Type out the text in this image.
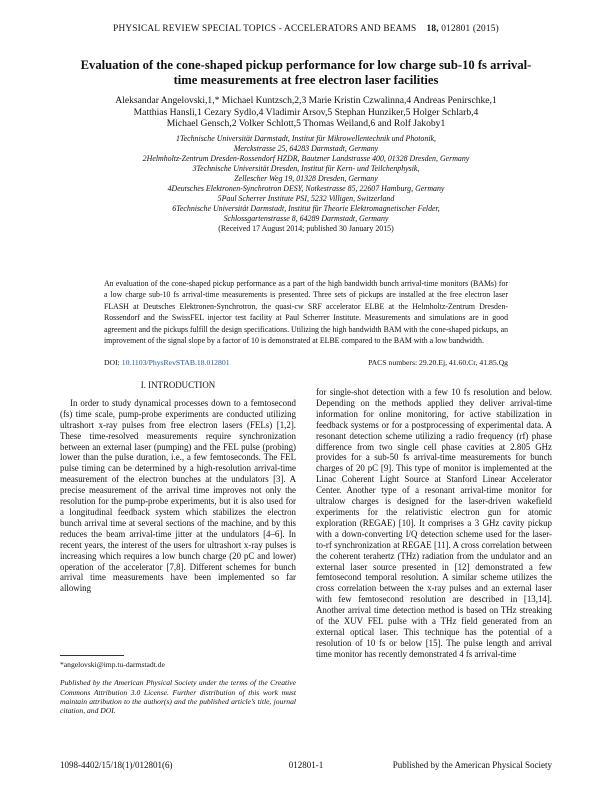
PHYSICAL REVIEW SPECIAL TOPICS - ACCELERATORS AND BEAMS 18, 012801 (2015)
Evaluation of the cone-shaped pickup performance for low charge sub-10 fs arrival-time measurements at free electron laser facilities
Aleksandar Angelovski,1,* Michael Kuntzsch,2,3 Marie Kristin Czwalinna,4 Andreas Penirschke,1
Matthias Hansli,1 Cezary Sydlo,4 Vladimir Arsov,5 Stephan Hunziker,5 Holger Schlarb,4
Michael Gensch,2 Volker Schlott,5 Thomas Weiland,6 and Rolf Jakoby1
1Technische Universität Darmstadt, Institut für Mikrowellentechnik und Photonik,
Merckstrasse 25, 64283 Darmstadt, Germany
2Helmholtz-Zentrum Dresden-Rossendorf HZDR, Bautzner Landstrasse 400, 01328 Dresden, Germany
3Technische Universität Dresden, Institut für Kern- und Teilchenphysik,
Zellescher Weg 19, 01328 Dresden, Germany
4Deutsches Elektronen-Synchrotron DESY, Notkestrasse 85, 22607 Hamburg, Germany
5Paul Scherrer Institute PSI, 5232 Villigen, Switzerland
6Technische Universität Darmstadt, Institut für Theorie Elektromagnetischer Felder,
Schlossgartenstrasse 8, 64289 Darmstadt, Germany
(Received 17 August 2014; published 30 January 2015)
An evaluation of the cone-shaped pickup performance as a part of the high bandwidth bunch arrival-time monitors (BAMs) for a low charge sub-10 fs arrival-time measurements is presented. Three sets of pickups are installed at the free electron laser FLASH at Deutsches Elektronen-Synchrotron, the quasi-cw SRF accelerator ELBE at the Helmholtz-Zentrum Dresden-Rossendorf and the SwissFEL injector test facility at Paul Scherrer Institute. Measurements and simulations are in good agreement and the pickups fulfill the design specifications. Utilizing the high bandwidth BAM with the cone-shaped pickups, an improvement of the signal slope by a factor of 10 is demonstrated at ELBE compared to the BAM with a low bandwidth.
DOI: 10.1103/PhysRevSTAB.18.012801	PACS numbers: 29.20.Ej, 41.60.Cr, 41.85.Qg
I. INTRODUCTION

In order to study dynamical processes down to a femtosecond (fs) time scale, pump-probe experiments are conducted utilizing ultrashort x-ray pulses from free electron lasers (FELs) [1,2]. These time-resolved measurements require synchronization between an external laser (pumping) and the FEL pulse (probing) lower than the pulse duration, i.e., a few femtoseconds. The FEL pulse timing can be determined by a high-resolution arrival-time measurement of the electron bunches at the undulators [3]. A precise measurement of the arrival time improves not only the resolution for the pump-probe experiments, but it is also used for a longitudinal feedback system which stabilizes the electron bunch arrival time at several sections of the machine, and by this reduces the beam arrival-time jitter at the undulators [4–6]. In recent years, the interest of the users for ultrashort x-ray pulses is increasing which requires a low bunch charge (20 pC and lower) operation of the accelerator [7,8]. Different schemes for bunch arrival time measurements have been implemented so far allowing

for single-shot detection with a few 10 fs resolution and below. Depending on the methods applied they deliver arrival-time information for online monitoring, for active stabilization in feedback systems or for a postprocessing of experimental data. A resonant detection scheme utilizing a radio frequency (rf) phase difference from two single cell phase cavities at 2.805 GHz provides for a sub-50 fs arrival-time measurements for bunch charges of 20 pC [9]. This type of monitor is implemented at the Linac Coherent Light Source at Stanford Linear Accelerator Center. Another type of a resonant arrival-time monitor for ultralow charges is designed for the laser-driven wakefield experiments for the relativistic electron gun for atomic exploration (REGAE) [10]. It comprises a 3 GHz cavity pickup with a down-converting I/Q detection scheme used for the laser-to-rf synchronization at REGAE [11]. A cross correlation between the coherent terahertz (THz) radiation from the undulator and an external laser source presented in [12] demonstrated a few femtosecond temporal resolution. A similar scheme utilizes the cross correlation between the x-ray pulses and an external laser with few femtosecond resolution are described in [13,14]. Another arrival time detection method is based on THz streaking of the XUV FEL pulse with a THz field generated from an external optical laser. This technique has the potential of a resolution of 10 fs or below [15]. The pulse length and arrival time monitor has recently demonstrated 4 fs arrival-time

*angelovski@imp.tu-darmstadt.de
Published by the American Physical Society under the terms of the Creative Commons Attribution 3.0 License. Further distribution of this work must maintain attribution to the author(s) and the published article’s title, journal citation, and DOI.
1098-4402/15/18(1)/012801(6)	012801-1	Published by the American Physical Society
